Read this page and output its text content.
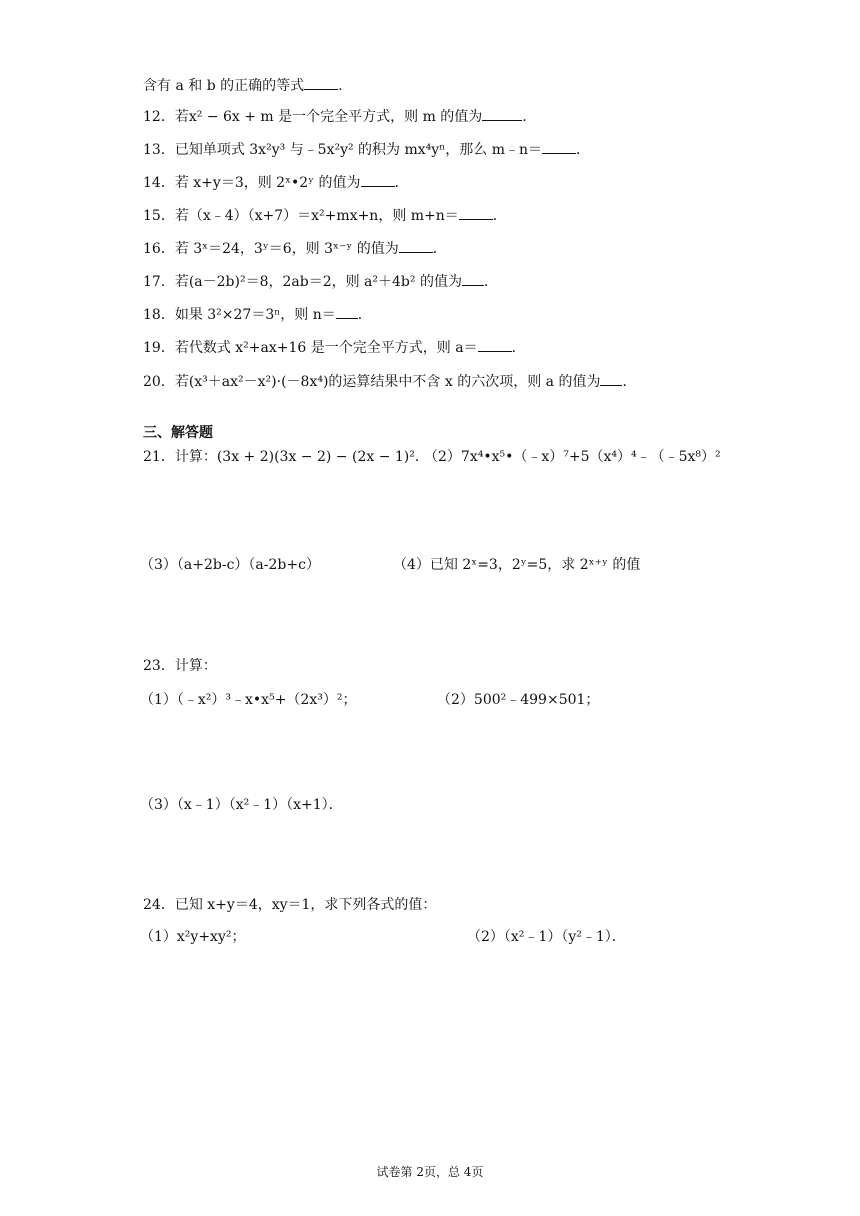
含有 a 和 b 的正确的等式 .
12．若x² − 6x + m 是一个完全平方式，则 m 的值为	．
13．已知单项式 3x²y³ 与﹣5x²y² 的积为 mx⁴yⁿ，那么 m﹣n＝ ．
14．若 x+y＝3，则 2ˣ•2ʸ 的值为 ．
15．若（x﹣4）（x+7）＝x²+mx+n，则 m+n＝ ．
16．若 3ˣ＝24，3ʸ＝6，则 3ˣ⁻ʸ 的值为 ．
17．若(a－2b)²＝8，2ab＝2，则 a²＋4b² 的值为 ．
18．如果 3²×27＝3ⁿ，则 n＝ ．
19．若代数式 x²+ax+16 是一个完全平方式，则 a＝ ．
20．若(x³＋ax²－x²)·(－8x⁴)的运算结果中不含 x 的六次项，则 a 的值为 ．
三、解答题
21．计算：(3x + 2)(3x − 2) − (2x − 1)²．
（2）7x⁴•x⁵•（﹣x）⁷+5（x⁴）⁴﹣（﹣5x⁸）²
（3）（a+2b-c）（a-2b+c）	（4）已知 2ˣ=3，2ʸ=5，求 2ˣ⁺ʸ 的值
23．计算：
（1）（﹣x²）³﹣x•x⁵+（2x³）²；	（2）500²﹣499×501；
（3）（x﹣1）（x²﹣1）（x+1）．
24．已知 x+y＝4，xy＝1，求下列各式的值：
（1）x²y+xy²；	（2）（x²﹣1）（y²﹣1）．
试卷第 2页，总 4页
